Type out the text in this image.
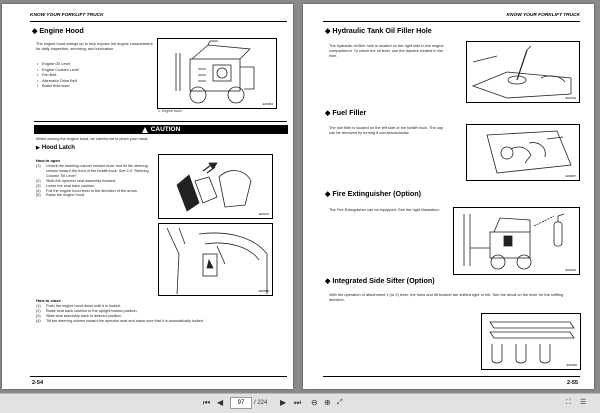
KNOW YOUR FORKLIFT TRUCK
◆ Engine Hood
The engine hood swings up to fully expose the engine compartment for daily inspection, servicing, and lubrication.
• Engine Oil Level
• Engine Coolant Level
• Fan Belt
• Alternator Drive Belt
• Brake fluid level
E00984
1. Engine hood
CAUTION
When closing the engine hood, be careful not to pinch your hand.
▶ Hood Latch
How to open
(1) Unlock the steering column release lever and tilt the steering column toward the front of the forklift truck. See 2-9 "Steering Column Tilt Lever".
(2) Slide the operator seat assembly forward.
(3) Lower the seat back cushion.
(4) Pull the engine hood lever in the direction of the arrow.
(5) Raise the engine hood.
E00970
E00965
How to close
(1) Push the engine hood down until it is locked.
(2) Raise seat back cushion to the upright locked position.
(3) Slide seat assembly back to desired position.
(4) Tilt the steering column toward the operator seat and make sure that it is automatically locked.
2-54
KNOW YOUR FORKLIFT TRUCK
◆ Hydraulic Tank Oil Filler Hole
The hydraulic oil filler hole is located on the right side in the engine compartment. To check the oil level, use the dipstick located in the hole.
E02790
◆ Fuel Filler
The fuel filler is located on the left side of the forklift truck. The cap can be removed by turning it counterclockwise.
E00987
◆ Fire Extinguisher (Option)
The Fire Extinguisher can be equipped. See the right illustration.
E00024
◆ Integrated Side Sifter (Option)
With the operation of attachment 1 (or 2) lever, the forks and lift bracket are shifted right or left. See the decal on the lever for the shifting direction.
E00050
2-55
⏮ ◀	97	/ 224 ▶ ⏭ ⊖ ⊕ ⤢	⛶ ☰
